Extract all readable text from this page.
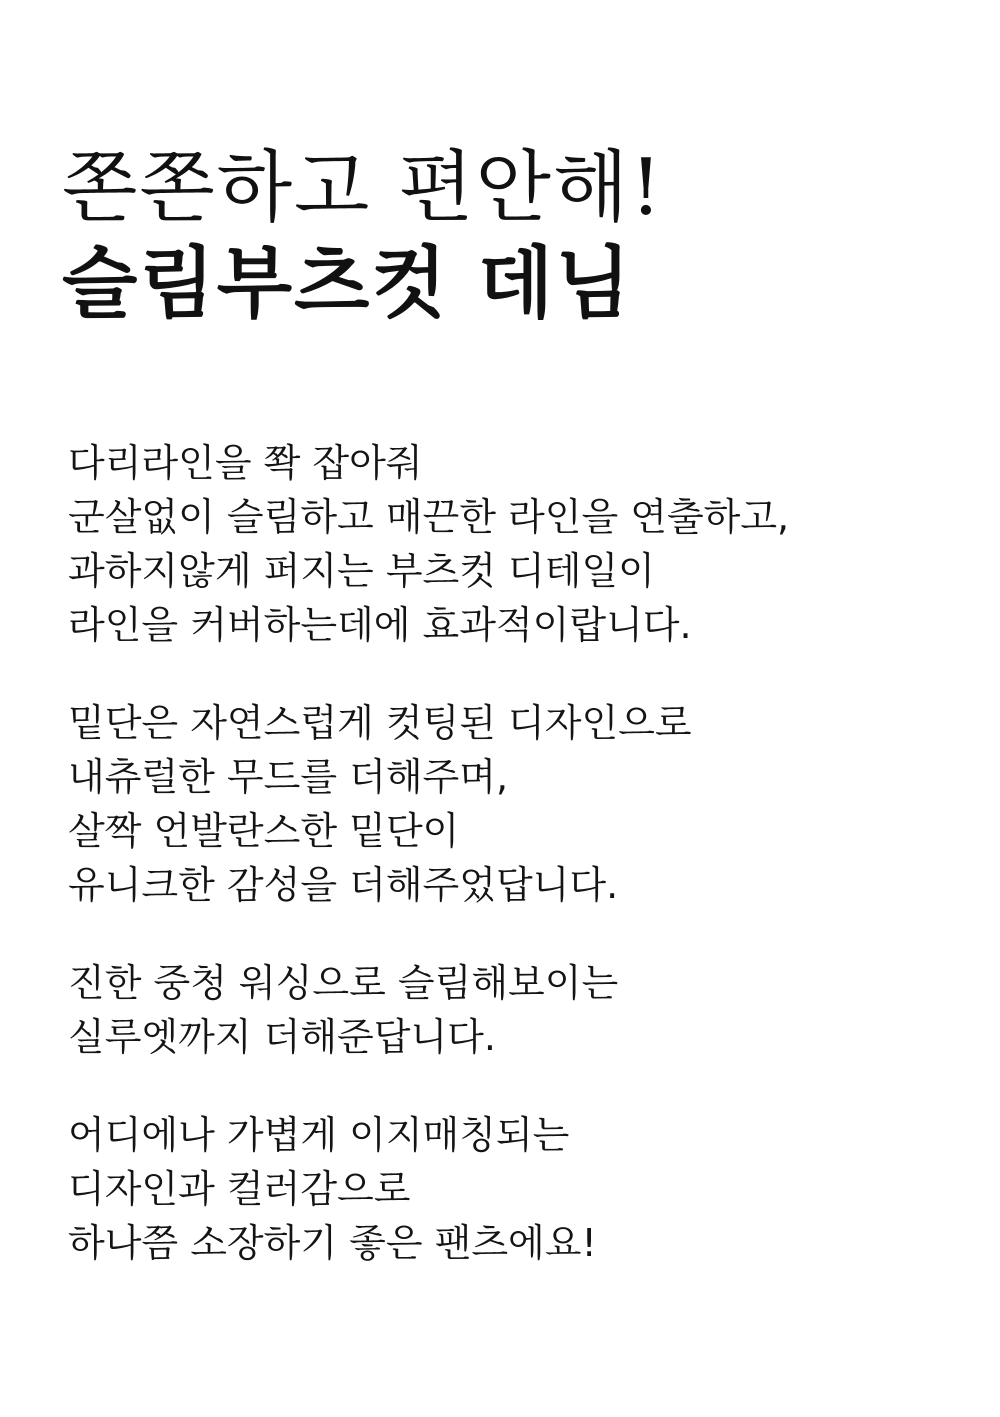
쫀쫀하고 편안해!
슬림부츠컷 데님
다리라인을 쫙 잡아줘
군살없이 슬림하고 매끈한 라인을 연출하고,
과하지않게 퍼지는 부츠컷 디테일이
라인을 커버하는데에 효과적이랍니다.
밑단은 자연스럽게 컷팅된 디자인으로
내츄럴한 무드를 더해주며,
살짝 언발란스한 밑단이
유니크한 감성을 더해주었답니다.
진한 중청 워싱으로 슬림해보이는
실루엣까지 더해준답니다.
어디에나 가볍게 이지매칭되는
디자인과 컬러감으로
하나쯤 소장하기 좋은 팬츠에요!
